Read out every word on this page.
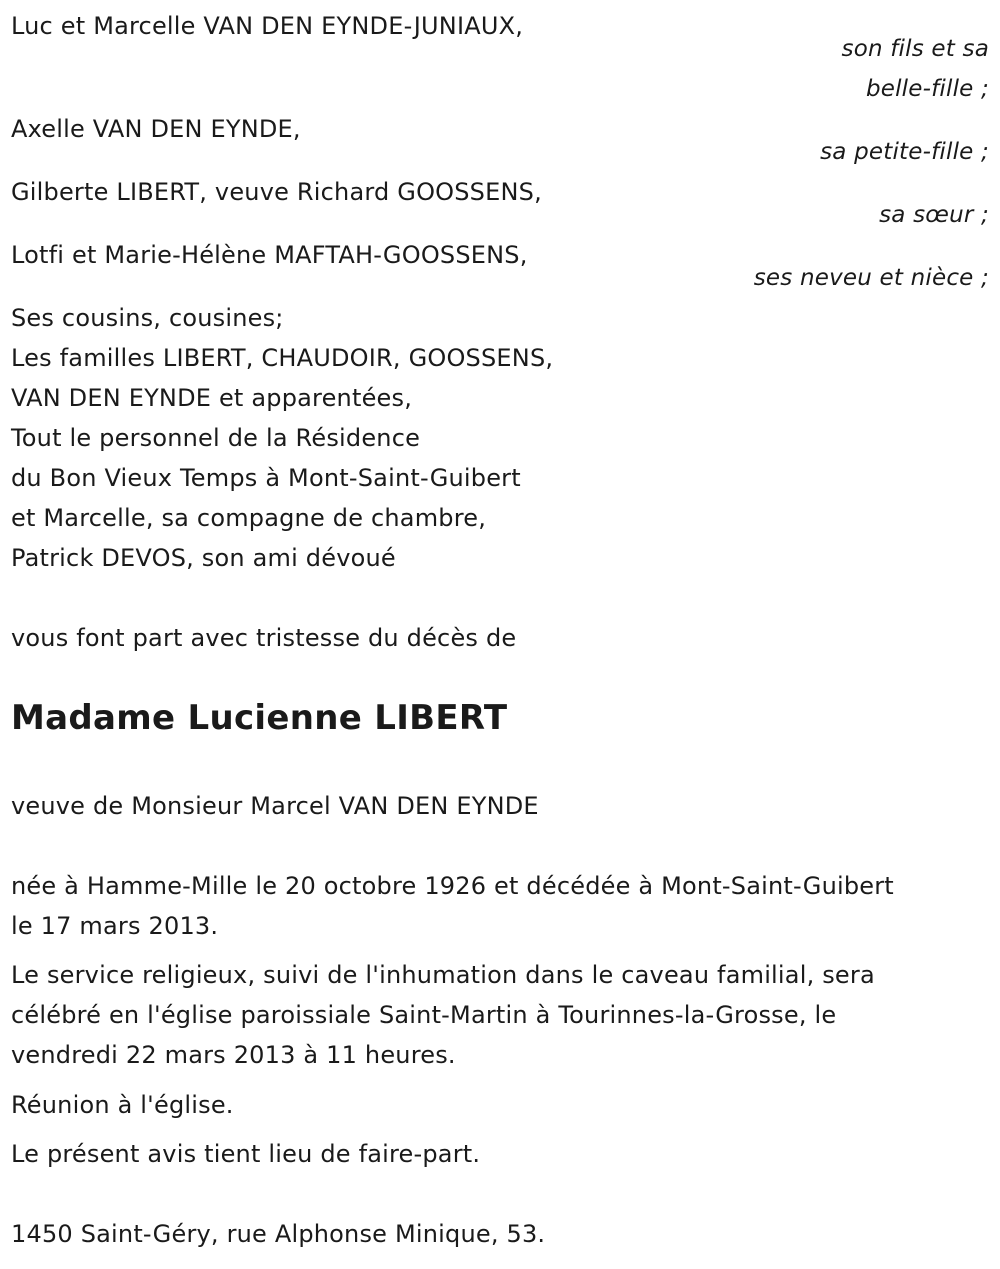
Luc et Marcelle VAN DEN EYNDE-JUNIAUX,
son fils et sa
belle-fille ;
Axelle VAN DEN EYNDE,
sa petite-fille ;
Gilberte LIBERT, veuve Richard GOOSSENS,
sa sœur ;
Lotfi et Marie-Hélène MAFTAH-GOOSSENS,
ses neveu et nièce ;
Ses cousins, cousines;
Les familles LIBERT, CHAUDOIR, GOOSSENS,
VAN DEN EYNDE et apparentées,
Tout le personnel de la Résidence
du Bon Vieux Temps à Mont-Saint-Guibert
et Marcelle, sa compagne de chambre,
Patrick DEVOS, son ami dévoué
vous font part avec tristesse du décès de
Madame Lucienne LIBERT
veuve de Monsieur Marcel VAN DEN EYNDE
née à Hamme-Mille le 20 octobre 1926 et décédée à Mont-Saint-Guibert
le 17 mars 2013.
Le service religieux, suivi de l'inhumation dans le caveau familial, sera
célébré en l'église paroissiale Saint-Martin à Tourinnes-la-Grosse, le
vendredi 22 mars 2013 à 11 heures.
Réunion à l'église.
Le présent avis tient lieu de faire-part.
1450 Saint-Géry, rue Alphonse Minique, 53.
